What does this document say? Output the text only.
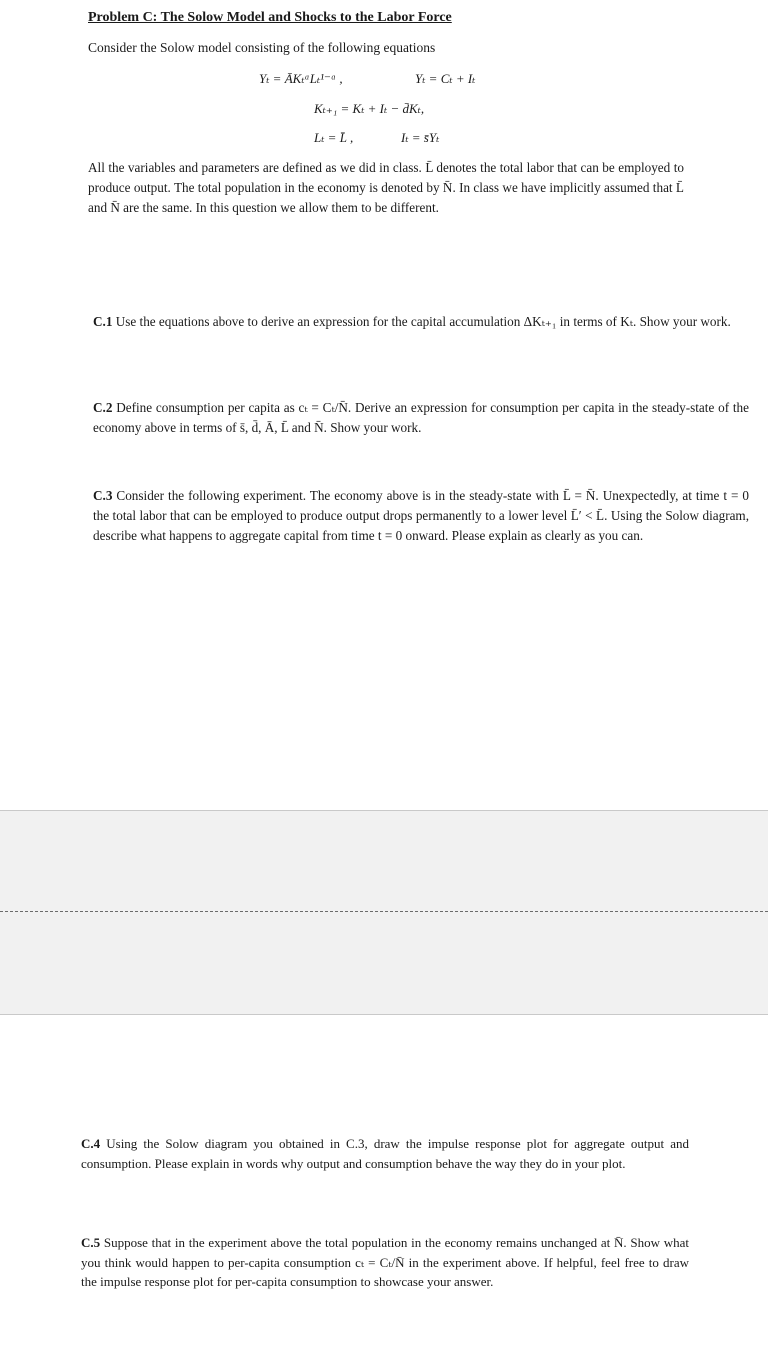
Problem C: The Solow Model and Shocks to the Labor Force
Consider the Solow model consisting of the following equations
Yₜ = ĀKₜᵅLₜ¹⁻ᵅ ,	Yₜ = Cₜ + Iₜ
Kₜ₊₁ = Kₜ + Iₜ − d̄Kₜ,
Lₜ = L̄ ,	Iₜ = s̄Yₜ
All the variables and parameters are defined as we did in class. L̄ denotes the total labor that can be employed to produce output. The total population in the economy is denoted by N̄. In class we have implicitly assumed that L̄ and N̄ are the same. In this question we allow them to be different.
C.1 Use the equations above to derive an expression for the capital accumulation ΔKₜ₊₁ in terms of Kₜ. Show your work.
C.2 Define consumption per capita as cₜ = Cₜ/N̄. Derive an expression for consumption per capita in the steady-state of the economy above in terms of s̄, d̄, Ā, L̄ and N̄. Show your work.
C.3 Consider the following experiment. The economy above is in the steady-state with L̄ = N̄. Unexpectedly, at time t = 0 the total labor that can be employed to produce output drops permanently to a lower level L̄′ < L̄. Using the Solow diagram, describe what happens to aggregate capital from time t = 0 onward. Please explain as clearly as you can.
C.4 Using the Solow diagram you obtained in C.3, draw the impulse response plot for aggregate output and consumption. Please explain in words why output and consumption behave the way they do in your plot.
C.5 Suppose that in the experiment above the total population in the economy remains unchanged at N̄. Show what you think would happen to per-capita consumption cₜ = Cₜ/N̄ in the experiment above. If helpful, feel free to draw the impulse response plot for per-capita consumption to showcase your answer.
